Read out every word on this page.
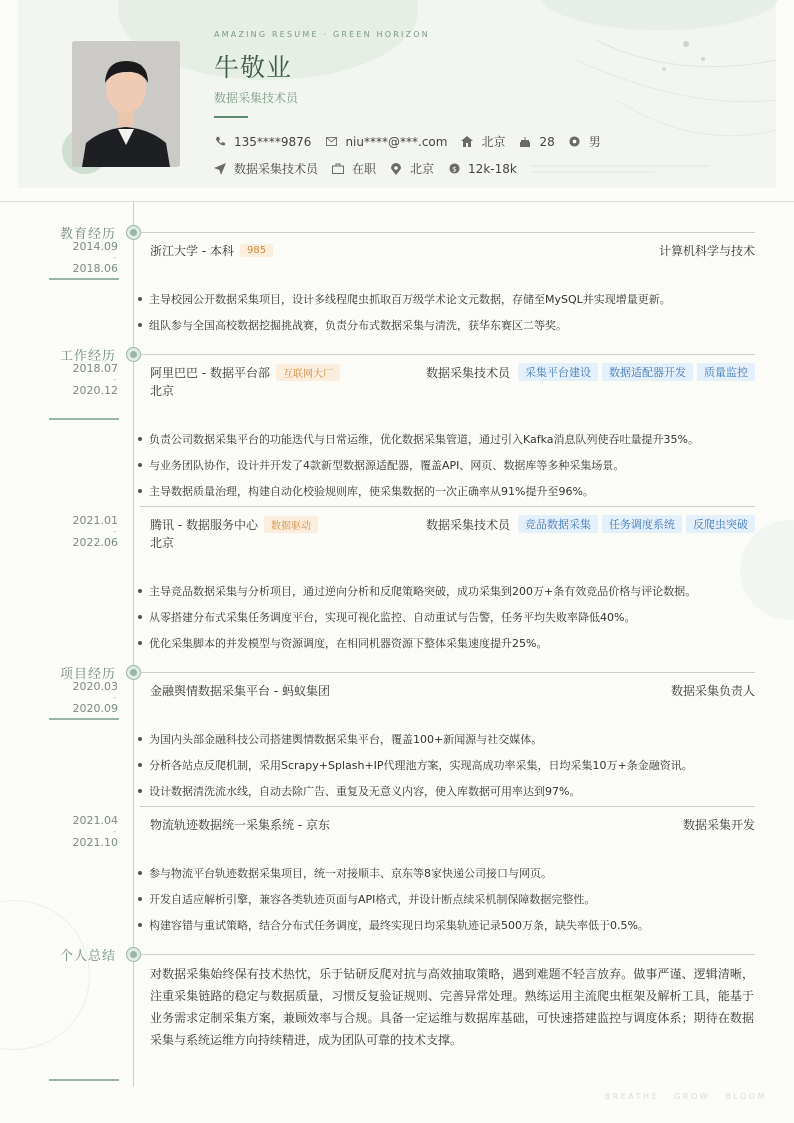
AMAZING RESUME · GREEN HORIZON
牛敬业
数据采集技术员
135****9876	niu****@***.com	北京	28	男
数据采集技术员	在职	北京 $ 12k-18k
教育经历
2014.09
-
2018.06
浙江大学 - 本科	985	计算机科学与技术
主导校园公开数据采集项目，设计多线程爬虫抓取百万级学术论文元数据，存储至MySQL并实现增量更新。
组队参与全国高校数据挖掘挑战赛，负责分布式数据采集与清洗，获华东赛区二等奖。
工作经历
2018.07
-
2020.12
阿里巴巴 - 数据平台部	互联网大厂
北京
数据采集技术员	采集平台建设	数据适配器开发	质量监控
负责公司数据采集平台的功能迭代与日常运维，优化数据采集管道，通过引入Kafka消息队列使吞吐量提升35%。
与业务团队协作，设计并开发了4款新型数据源适配器，覆盖API、网页、数据库等多种采集场景。
主导数据质量治理，构建自动化校验规则库，使采集数据的一次正确率从91%提升至96%。
2021.01
-
2022.06
腾讯 - 数据服务中心	数据驱动
北京
数据采集技术员	竞品数据采集	任务调度系统	反爬虫突破
主导竞品数据采集与分析项目，通过逆向分析和反爬策略突破，成功采集到200万+条有效竞品价格与评论数据。
从零搭建分布式采集任务调度平台，实现可视化监控、自动重试与告警，任务平均失败率降低40%。
优化采集脚本的并发模型与资源调度，在相同机器资源下整体采集速度提升25%。
项目经历
2020.03
-
2020.09
金融舆情数据采集平台 - 蚂蚁集团	数据采集负责人
为国内头部金融科技公司搭建舆情数据采集平台，覆盖100+新闻源与社交媒体。
分析各站点反爬机制，采用Scrapy+Splash+IP代理池方案，实现高成功率采集，日均采集10万+条金融资讯。
设计数据清洗流水线，自动去除广告、重复及无意义内容，使入库数据可用率达到97%。
2021.04
-
2021.10
物流轨迹数据统一采集系统 - 京东	数据采集开发
参与物流平台轨迹数据采集项目，统一对接顺丰、京东等8家快递公司接口与网页。
开发自适应解析引擎，兼容各类轨迹页面与API格式，并设计断点续采机制保障数据完整性。
构建容错与重试策略，结合分布式任务调度，最终实现日均采集轨迹记录500万条，缺失率低于0.5%。
个人总结
对数据采集始终保有技术热忱，乐于钻研反爬对抗与高效抽取策略，遇到难题不轻言放弃。做事严谨、逻辑清晰，注重采集链路的稳定与数据质量，习惯反复验证规则、完善异常处理。熟练运用主流爬虫框架及解析工具，能基于业务需求定制采集方案，兼顾效率与合规。具备一定运维与数据库基础，可快速搭建监控与调度体系；期待在数据采集与系统运维方向持续精进，成为团队可靠的技术支撑。
BREATHE · GROW · BLOOM
